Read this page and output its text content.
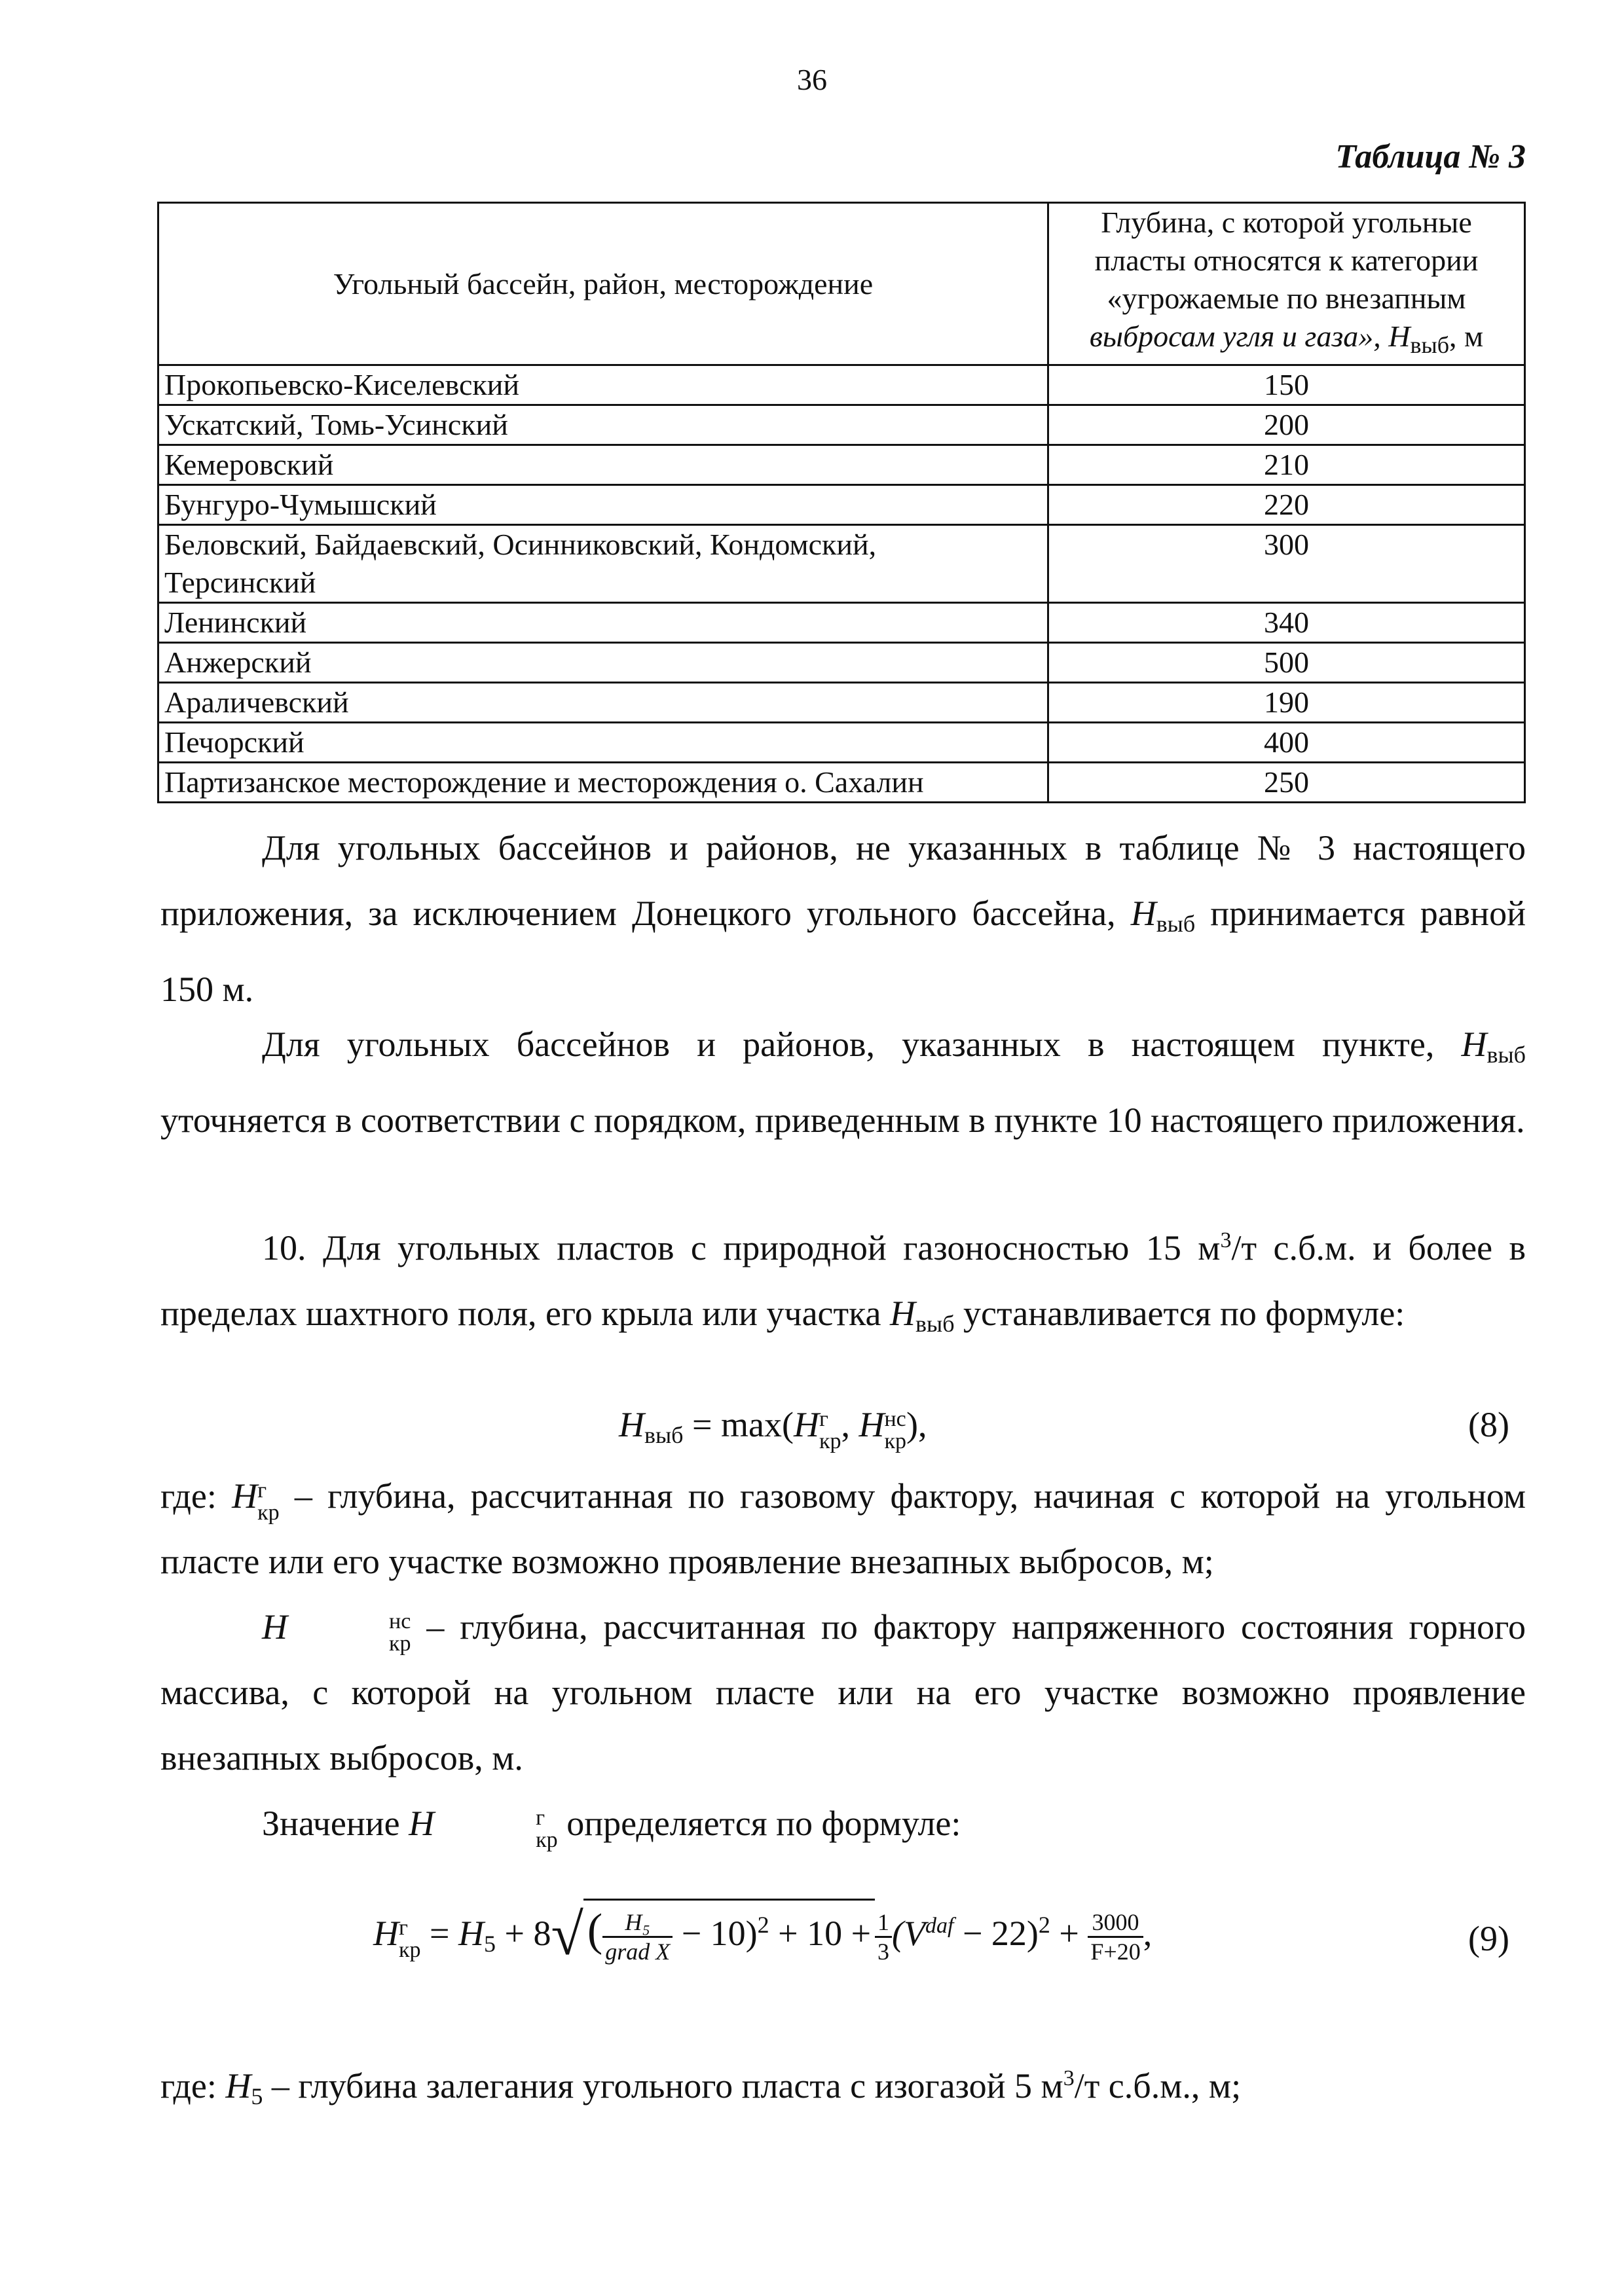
36
Таблица № 3
Угольный бассейн, район, месторождение	Глубина, с которой угольные
пласты относятся к категории
«угрожаемые по внезапным
выбросам угля и газа», $Н_{выб}$, м
Прокопьевско-Киселевский	150
Ускатский, Томь-Усинский	200
Кемеровский	210
Бунгуро-Чумышский	220
Беловский, Байдаевский, Осинниковский, Кондомский,
Терсинский	300
Ленинский	340
Анжерский	500
Араличевский	190
Печорский	400
Партизанское месторождение и месторождения о. Сахалин	250
Для угольных бассейнов и районов, не указанных в таблице № 3 настоящего приложения, за исключением Донецкого угольного бассейна, $H_{выб}$ принимается равной 150 м.
Для угольных бассейнов и районов, указанных в настоящем пункте, $H_{выб}$ уточняется в соответствии с порядком, приведенным в пункте 10 настоящего приложения.
10. Для угольных пластов с природной газоносностью 15 $м^3/т$ с.б.м. и более в пределах шахтного поля, его крыла или участка $H_{выб}$ устанавливается по формуле:
$H_{выб} = \max(H$ г
кр , H нс
кр ),	(8)
где: H г
кр – глубина, рассчитанная по газовому фактору, начиная с которой на угольном пласте или его участке возможно проявление внезапных выбросов, м;
H	нс
кр – глубина, рассчитанная по фактору напряженного состояния горного массива, с которой на угольном пласте или на его участке возможно проявление внезапных выбросов, м.
Значение H	г
кр определяется по формуле:
H г
кр = $H_5 + 8√( \frac{\text{H₅}}{\text{grad X}} - 10)^2 + 10 + \frac{1}{3} (V^{daf} - 22)^2 + \frac{3000}{F+20}$ ,	(9)
где: $H_5$ – глубина залегания угольного пласта с изогазой 5 $м^3/т$ с.б.м., м;
